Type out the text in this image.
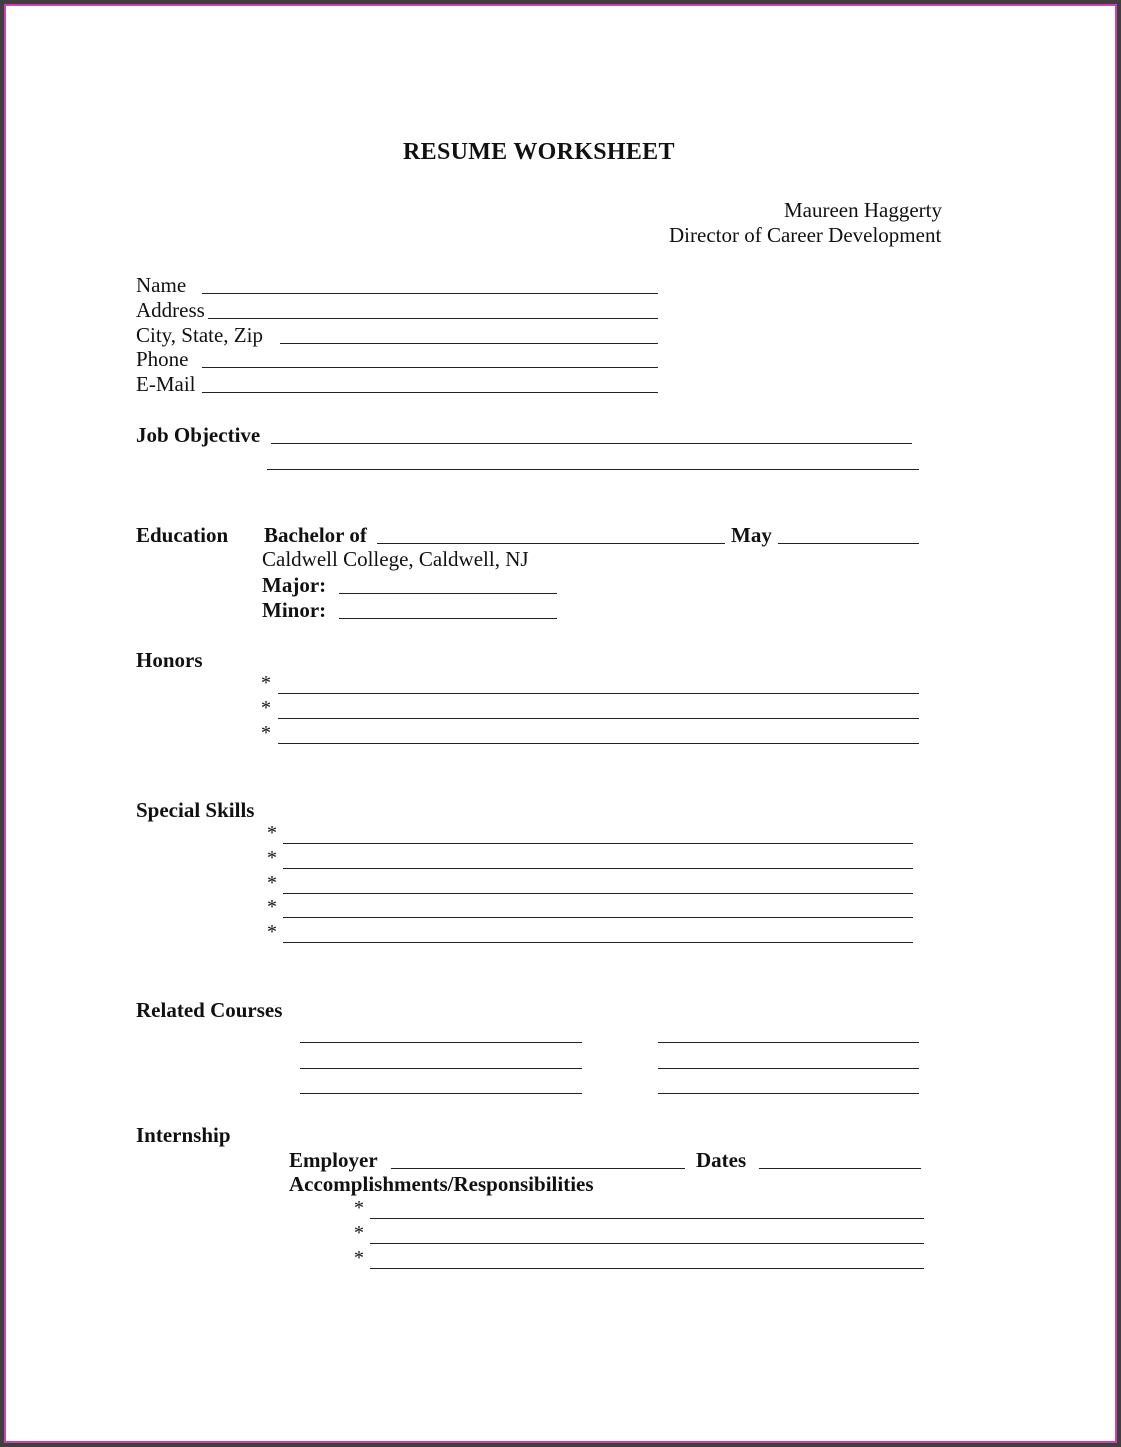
RESUME WORKSHEET
Maureen Haggerty
Director of Career Development
Name
Address
City, State, Zip
Phone
E-Mail
Job Objective
Education Bachelor of	May
Caldwell College, Caldwell, NJ
Major:
Minor:
Honors
*
*
*
Special Skills
*
*
*
*
*
Related Courses
Internship
Employer	Dates
Accomplishments/Responsibilities
*
*
*
